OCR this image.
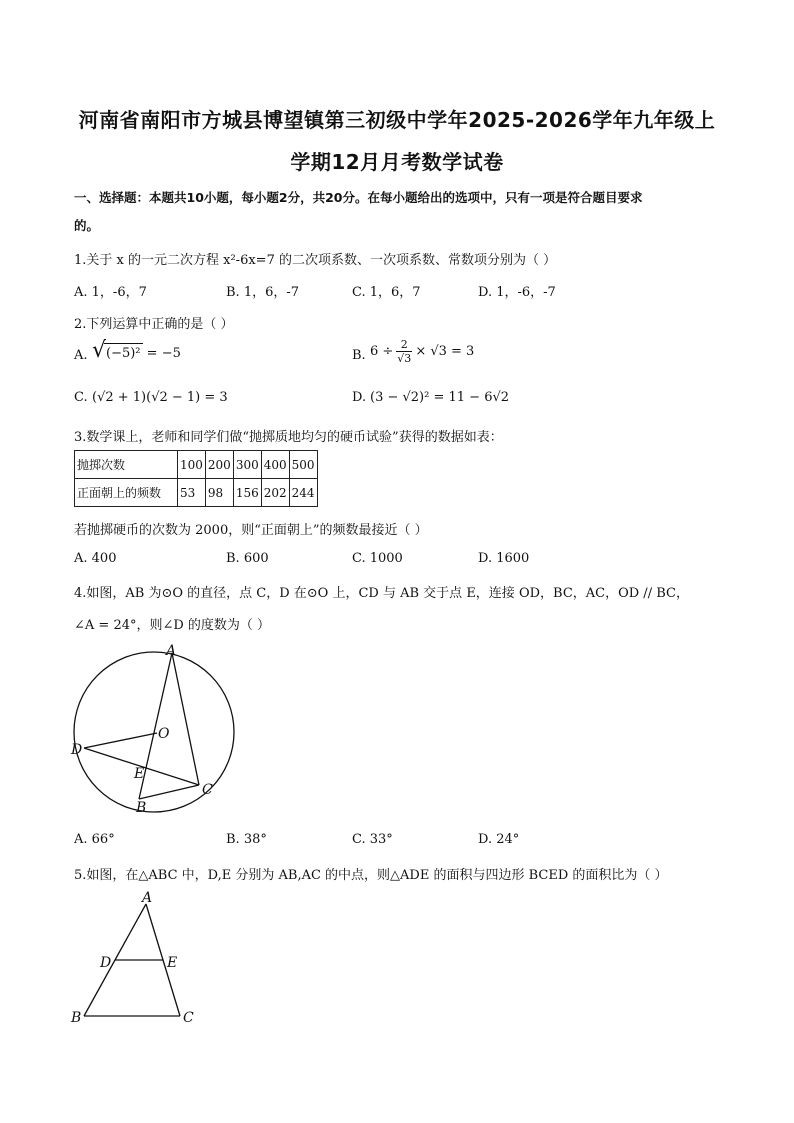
河南省南阳市方城县博望镇第三初级中学年2025-2026学年九年级上
学期12月月考数学试卷
一、选择题：本题共10小题，每小题2分，共20分。在每小题给出的选项中，只有一项是符合题目要求
的。
1.关于 x 的一元二次方程 x²-6x=7 的二次项系数、一次项系数、常数项分别为（ ）
A. 1，-6，7	B. 1，6，-7	C. 1，6，7	D. 1，-6，-7
2.下列运算中正确的是（ ）
A. √ (−5)² = −5	B. $6 \div \frac{2}{√3} \times √3 = 3$
C. (√2 + 1)(√2 − 1) = 3	D. (3 − √2)² = 11 − 6√2
3.数学课上，老师和同学们做“抛掷质地均匀的硬币试验”获得的数据如表：
抛掷次数	100	200	300	400	500
正面朝上的频数	53	98	156	202	244
若抛掷硬币的次数为 2000，则“正面朝上”的频数最接近（ ）
A. 400	B. 600	C. 1000	D. 1600
4.如图，AB 为⊙O 的直径，点 C，D 在⊙O 上，CD 与 AB 交于点 E，连接 OD，BC，AC，OD // BC，
∠A = 24°，则∠D 的度数为（ ）
A
O
D
E
C
B
A. 66°	B. 38°	C. 33°	D. 24°
5.如图，在△ABC 中，D,E 分别为 AB,AC 的中点，则△ADE 的面积与四边形 BCED 的面积比为（ ）
A
D	E
B	C
